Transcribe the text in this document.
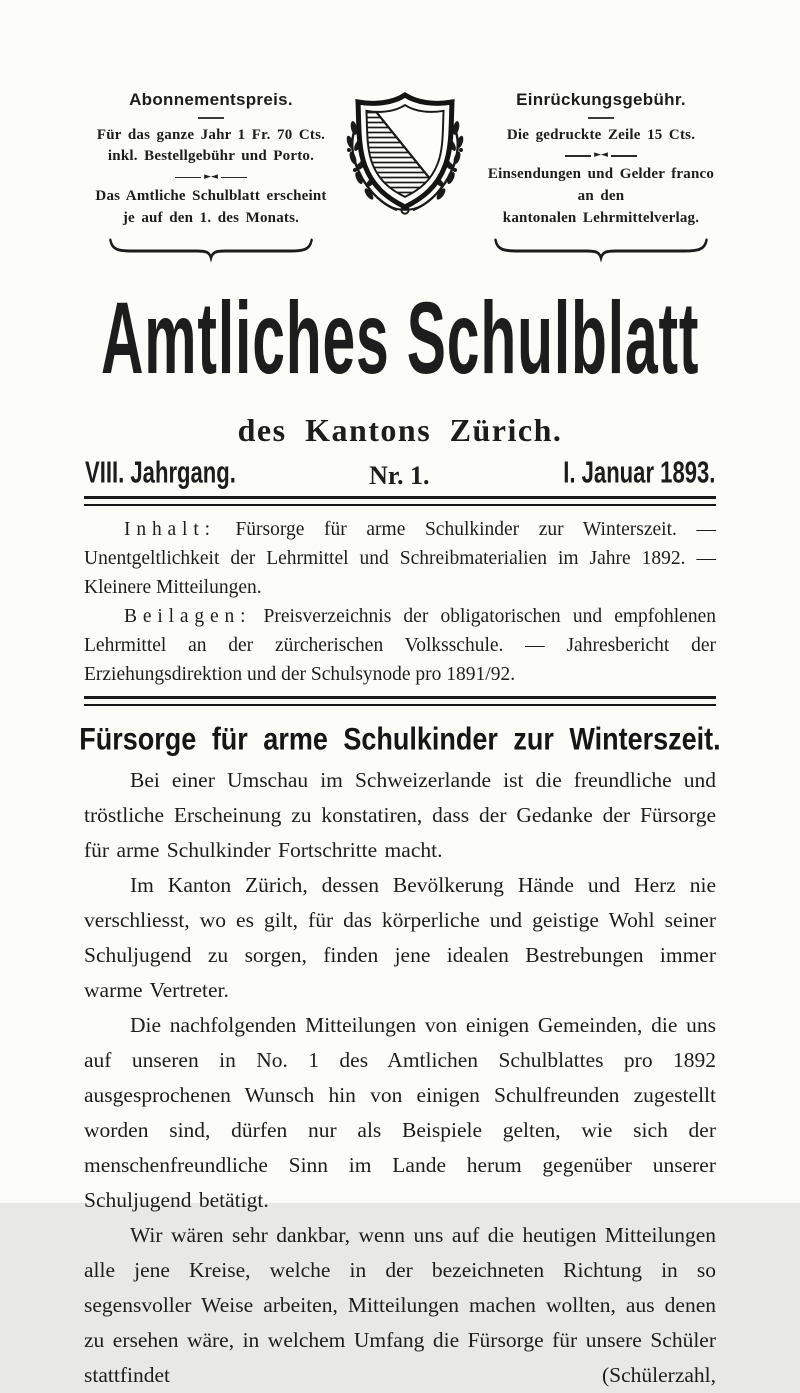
Abonnementspreis.

Für das ganze Jahr 1 Fr. 70 Cts.
inkl. Bestellgebühr und Porto.

►◄

Das Amtliche Schulblatt erscheint
je auf den 1. des Monats.

Einrückungsgebühr.

Die gedruckte Zeile 15 Cts.

►◄

Einsendungen und Gelder franco
an den
kantonalen Lehrmittelverlag.

Amtliches Schulblatt
des Kantons Zürich.
VIII. Jahrgang.	Nr. 1.	I. Januar 1893.

Inhalt: Fürsorge für arme Schulkinder zur Winterszeit. — Unentgeltlichkeit der Lehrmittel und Schreibmaterialien im Jahre 1892. — Kleinere Mitteilungen.

Beilagen: Preisverzeichnis der obligatorischen und empfohlenen Lehrmittel an der zürcherischen Volksschule. — Jahresbericht der Erziehungsdirektion und der Schulsynode pro 1891/92.

Fürsorge für arme Schulkinder zur Winterszeit.

Bei einer Umschau im Schweizerlande ist die freundliche und tröstliche Erscheinung zu konstatiren, dass der Gedanke der Fürsorge für arme Schulkinder Fortschritte macht.

Im Kanton Zürich, dessen Bevölkerung Hände und Herz nie verschliesst, wo es gilt, für das körperliche und geistige Wohl seiner Schuljugend zu sorgen, finden jene idealen Bestrebungen immer warme Vertreter.

Die nachfolgenden Mitteilungen von einigen Gemeinden, die uns auf unseren in No. 1 des Amtlichen Schulblattes pro 1892 ausgesprochenen Wunsch hin von einigen Schulfreunden zugestellt worden sind, dürfen nur als Beispiele gelten, wie sich der menschenfreundliche Sinn im Lande herum gegenüber unserer Schuljugend betätigt.

Wir wären sehr dankbar, wenn uns auf die heutigen Mitteilungen alle jene Kreise, welche in der bezeichneten Richtung in so segensvoller Weise arbeiten, Mitteilungen machen wollten, aus denen zu ersehen wäre, in welchem Umfang die Fürsorge für unsere Schüler stattfindet (Schülerzahl,
